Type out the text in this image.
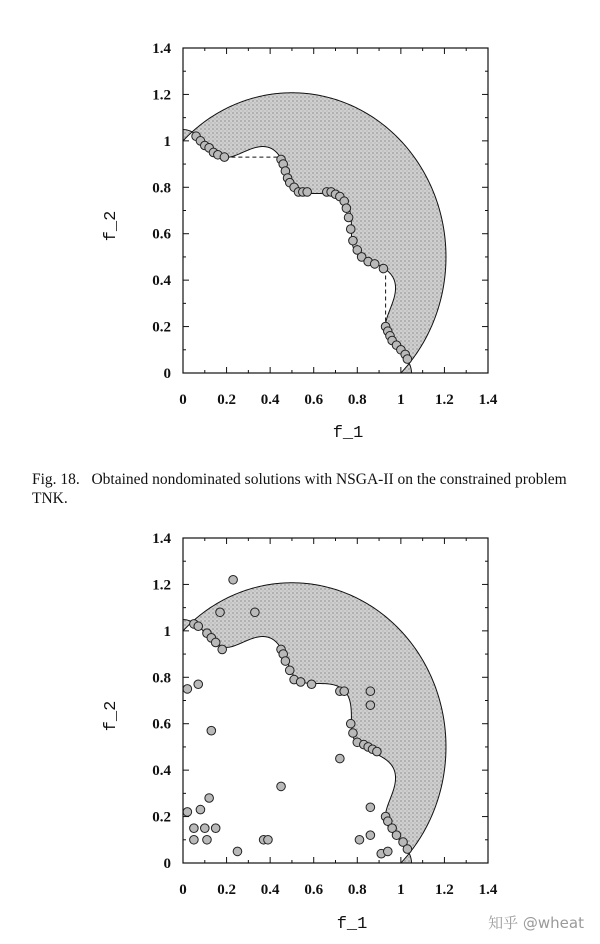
0 0.2 0.4 0.6 0.8 1 1.2 1.4
0
0.2
0.4
0.6
0.8
1
1.2
1.4
f_1
f_2
0 0.2 0.4 0.6 0.8 1 1.2 1.4
0
0.2
0.4
0.6
0.8
1
1.2
1.4
f_1
f_2
Fig. 18. Obtained nondominated solutions with NSGA-II on the constrained problem TNK.
知乎 @wheat
